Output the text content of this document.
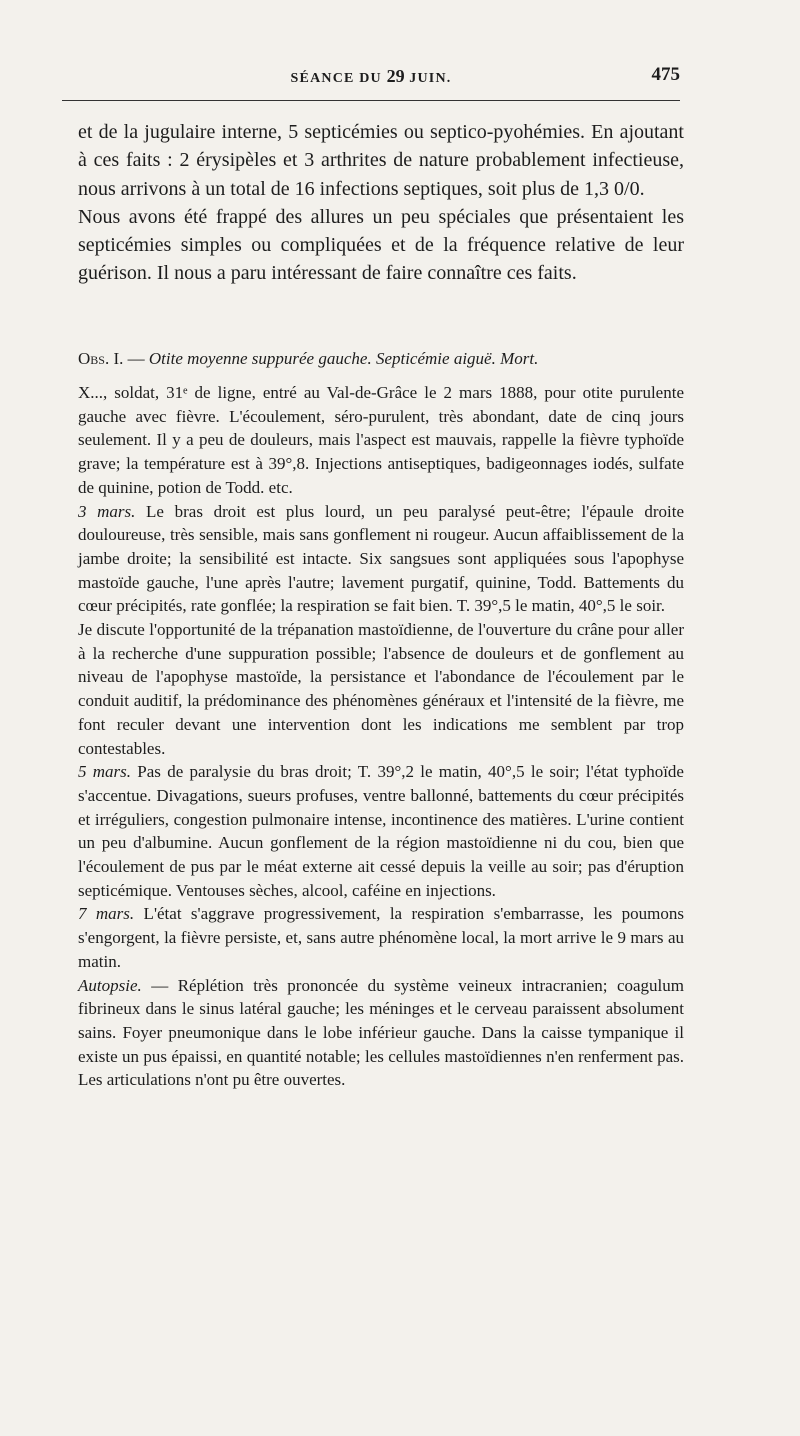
SÉANCE DU 29 JUIN.	475

et de la jugulaire interne, 5 septicémies ou septico-pyohémies. En ajoutant à ces faits : 2 érysipèles et 3 arthrites de nature probablement infectieuse, nous arrivons à un total de 16 infections septiques, soit plus de 1,3 0/0.

Nous avons été frappé des allures un peu spéciales que présentaient les septicémies simples ou compliquées et de la fréquence relative de leur guérison. Il nous a paru intéressant de faire connaître ces faits.

Obs. I. — Otite moyenne suppurée gauche. Septicémie aiguë. Mort.

X..., soldat, 31ᵉ de ligne, entré au Val-de-Grâce le 2 mars 1888, pour otite purulente gauche avec fièvre. L'écoulement, séro-purulent, très abondant, date de cinq jours seulement. Il y a peu de douleurs, mais l'aspect est mauvais, rappelle la fièvre typhoïde grave; la température est à 39°,8. Injections antiseptiques, badigeonnages iodés, sulfate de quinine, potion de Todd. etc.

3 mars. Le bras droit est plus lourd, un peu paralysé peut-être; l'épaule droite douloureuse, très sensible, mais sans gonflement ni rougeur. Aucun affaiblissement de la jambe droite; la sensibilité est intacte. Six sangsues sont appliquées sous l'apophyse mastoïde gauche, l'une après l'autre; lavement purgatif, quinine, Todd. Battements du cœur précipités, rate gonflée; la respiration se fait bien. T. 39°,5 le matin, 40°,5 le soir.

Je discute l'opportunité de la trépanation mastoïdienne, de l'ouverture du crâne pour aller à la recherche d'une suppuration possible; l'absence de douleurs et de gonflement au niveau de l'apophyse mastoïde, la persistance et l'abondance de l'écoulement par le conduit auditif, la prédominance des phénomènes généraux et l'intensité de la fièvre, me font reculer devant une intervention dont les indications me semblent par trop contestables.

5 mars. Pas de paralysie du bras droit; T. 39°,2 le matin, 40°,5 le soir; l'état typhoïde s'accentue. Divagations, sueurs profuses, ventre ballonné, battements du cœur précipités et irréguliers, congestion pulmonaire intense, incontinence des matières. L'urine contient un peu d'albumine. Aucun gonflement de la région mastoïdienne ni du cou, bien que l'écoulement de pus par le méat externe ait cessé depuis la veille au soir; pas d'éruption septicémique. Ventouses sèches, alcool, caféine en injections.

7 mars. L'état s'aggrave progressivement, la respiration s'embarrasse, les poumons s'engorgent, la fièvre persiste, et, sans autre phénomène local, la mort arrive le 9 mars au matin.

Autopsie. — Réplétion très prononcée du système veineux intracranien; coagulum fibrineux dans le sinus latéral gauche; les méninges et le cerveau paraissent absolument sains. Foyer pneumonique dans le lobe inférieur gauche. Dans la caisse tympanique il existe un pus épaissi, en quantité notable; les cellules mastoïdiennes n'en renferment pas. Les articulations n'ont pu être ouvertes.
